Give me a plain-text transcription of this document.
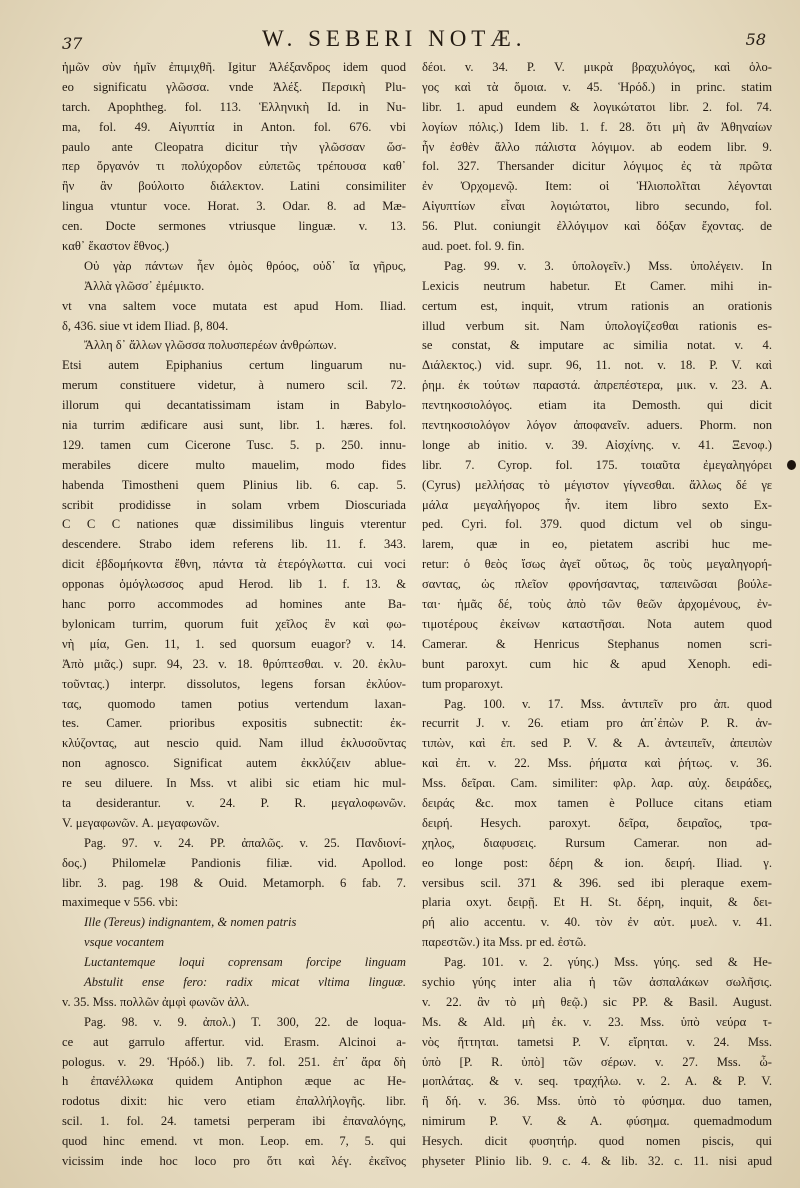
37	W. SEBERI NOTÆ.	58
ἡμῶν σὺν ἡμῖν ἐπιμιχθῆ. Igitur Ἀλέξανδρος idem quod
eo significatu γλῶσσα. vnde Ἀλέξ. Περσικὴ Plu-
tarch. Apophtheg. fol. 113. Ἑλληνικὴ Id. in Nu-
ma, fol. 49. Αἰγυπτία in Anton. fol. 676. vbi
paulo ante Cleopatra dicitur τὴν γλῶσσαν ὥσ-
περ ὄργανόν τι πολύχορδον εὐπετῶς τρέπουσα καθ᾽
ἣν ἂν βούλοιτο διάλεκτον. Latini consimiliter
lingua vtuntur voce. Horat. 3. Odar. 8. ad Mæ-
cen. Docte sermones vtriusque linguæ. v. 13.
καθ᾽ ἕκαστον ἔθνος.)
Οὐ γὰρ πάντων ἦεν ὁμὸς θρόος, οὐδ᾽ ἴα γῆρυς,
Ἀλλὰ γλῶσσ᾽ ἐμέμικτο.
vt vna saltem voce mutata est apud Hom. Iliad.
δ, 436. siue vt idem Iliad. β, 804.
Ἄλλη δ᾽ ἄλλων γλῶσσα πολυσπερέων ἀνθρώπων.
Etsi autem Epiphanius certum linguarum nu-
merum constituere videtur, à numero scil. 72.
illorum qui decantatissimam istam in Babylo-
nia turrim ædificare ausi sunt, libr. 1. hæres. fol.
129. tamen cum Cicerone Tusc. 5. p. 250. innu-
merabiles dicere multo mauelim, modo fides
habenda Timostheni quem Plinius lib. 6. cap. 5.
scribit prodidisse in solam vrbem Dioscuriada
C C C nationes quæ dissimilibus linguis vterentur
descendere. Strabo idem referens lib. 11. f. 343.
dicit ἑβδομήκοντα ἔθνη, πάντα τὰ ἑτερόγλωττα. cui voci
opponas ὁμόγλωσσος apud Herod. lib 1. f. 13. &
hanc porro accommodes ad homines ante Ba-
bylonicam turrim, quorum fuit χεῖλος ἓν καὶ φω-
νὴ μία, Gen. 11, 1. sed quorsum euagor? v. 14.
Ἀπὸ μιᾶς.) supr. 94, 23. v. 18. θρύπτεσθαι. v. 20. ἐκλυ-
τοῦντας.) interpr. dissolutos, legens forsan ἐκλύον-
τας, quomodo tamen potius vertendum laxan-
tes. Camer. prioribus expositis subnectit: ἐκ-
κλύζοντας, aut nescio quid. Nam illud ἐκλυσοῦντας
non agnosco. Significat autem ἐκκλύζειν ablue-
re seu diluere. In Mss. vt alibi sic etiam hic mul-
ta desiderantur. v. 24. P. R. μεγαλοφωνῶν.
V. μεγαφωνῶν. A. μεγαφωνῶν.
Pag. 97. v. 24. PP. ἀπαλῶς. v. 25. Πανδιονί-
δος.) Philomelæ Pandionis filiæ. vid. Apollod.
libr. 3. pag. 198 & Ouid. Metamorph. 6 fab. 7.
maximeque v 556. vbi:
Ille (Tereus) indignantem, & nomen patris
vsque vocantem
Luctantemque loqui coprensam forcipe linguam
Abstulit ense fero: radix micat vltima linguæ.
v. 35. Mss. πολλῶν ἀμφὶ φωνῶν ἀλλ.
Pag. 98. v. 9. ἀπολ.) T. 300, 22. de loqua-
ce aut garrulo affertur. vid. Erasm. Alcinoi a-
pologus. v. 29. Ἡρόδ.) lib. 7. fol. 251. ἐπ᾽ ἄρα δὴ
h ἐπανέλλωκα quidem Antiphon æque ac He-
rodotus dixit: hic vero etiam ἐπαλλήλογῆς. libr.
scil. 1. fol. 24. tametsi perperam ibi ἐπαναλόγης,
quod hinc emend. vt mon. Leop. em. 7, 5. qui
vicissim inde hoc loco pro ὅτι καὶ λέγ. ἐκεῖνος
δέοι. v. 34. P. V. μικρὰ βραχυλόγος, καὶ ὁλο-
γος καὶ τὰ ὅμοια. v. 45. Ἡρόδ.) in princ. statim
libr. 1. apud eundem & λογικώτατοι libr. 2. fol. 74.
λογίων πόλις.) Idem lib. 1. f. 28. ὅτι μὴ ἂν Ἀθηναίων
ἦν ἐσθὲν ἄλλο πάλιστα λόγιμον. ab eodem libr. 9.
fol. 327. Thersander dicitur λόγιμος ἐς τὰ πρῶτα
ἐν Ὀρχομενῷ. Item: οἱ Ἡλιοπολῖται λέγονται
Αἰγυπτίων εἶναι λογιώτατοι, libro secundo, fol.
56. Plut. coniungit ἐλλόγιμον καὶ δόξαν ἔχοντας. de
aud. poet. fol. 9. fin.
Pag. 99. v. 3. ὑπολογεῖν.) Mss. ὑπολέγειν. In
Lexicis neutrum habetur. Et Camer. mihi in-
certum est, inquit, vtrum rationis an orationis
illud verbum sit. Nam ὑπολογίζεσθαι rationis es-
se constat, & imputare ac similia notat. v. 4.
Διάλεκτος.) vid. supr. 96, 11. not. v. 18. P. V. καὶ
ῥημ. ἐκ τούτων παραστά. ἀπρεπέστερα, μικ. v. 23. A.
πεντηκοσιολόγος. etiam ita Demosth. qui dicit
πεντηκοσιολόγον λόγον ἀποφανεῖν. aduers. Phorm. non
longe ab initio. v. 39. Αἰσχίνης. v. 41. Ξενοφ.)
libr. 7. Cyrop. fol. 175. τοιαῦτα ἐμεγαληγόρει
(Cyrus) μελλήσας τὸ μέγιστον γίγνεσθαι. ἄλλως δέ γε
μάλα μεγαλήγορος ἦν. item libro sexto Ex-
ped. Cyri. fol. 379. quod dictum vel ob singu-
larem, quæ in eo, pietatem ascribi huc me-
retur: ὁ θεὸς ἴσως ἀγεῖ οὕτως, ὃς τοὺς μεγαληγορή-
σαντας, ὡς πλεῖον φρονήσαντας, ταπεινῶσαι βούλε-
ται· ἡμᾶς δέ, τοὺς ἀπὸ τῶν θεῶν ἀρχομένους, ἐν-
τιμοτέρους ἐκείνων καταστῆσαι. Nota autem quod
Camerar. & Henricus Stephanus nomen scri-
bunt paroxyt. cum hic & apud Xenoph. edi-
tum proparoxyt.
Pag. 100. v. 17. Mss. ἀντιπεῖν pro ἀπ. quod
recurrit J. v. 26. etiam pro ἀπ᾽ἐπὼν P. R. ἀν-
τιπὼν, καὶ ἐπ. sed P. V. & A. ἀντειπεῖν, ἀπειπὼν
καὶ ἐπ. v. 22. Mss. ῥήματα καὶ ῥήτως. v. 36.
Mss. δεῖραι. Cam. similiter: φλρ. λαρ. αὐχ. δειράδες,
δειράς &c. mox tamen è Polluce citans etiam
δειρή. Hesych. paroxyt. δεῖρα, δειραῖος, τρα-
χηλος, διαφυσεις. Rursum Camerar. non ad-
eo longe post: δέρη & ion. δειρή. Iliad. γ.
versibus scil. 371 & 396. sed ibi pleraque exem-
plaria oxyt. δειρῇ. Et H. St. δέρη, inquit, & δει-
ρή alio accentu. v. 40. τὸν ἐν αὐτ. μυελ. v. 41.
παρεστῶν.) ita Mss. pr ed. ἐστῶ.
Pag. 101. v. 2. γύης.) Mss. γύης. sed & He-
sychio γύης inter alia ἡ τῶν ἀσπαλάκων σωλῆσις.
v. 22. ἂν τὸ μὴ θεῷ.) sic PP. & Basil. August.
Ms. & Ald. μὴ ἐκ. v. 23. Mss. ὑπὸ νεύρα τ-
νὸς ἥττηται. tametsi P. V. εἴρηται. v. 24. Mss.
ὑπὸ [P. R. ὑπὸ] τῶν σέρων. v. 27. Mss. ὦ-
μοπλάτας. & v. seq. τραχήλω. v. 2. A. & P. V.
ἢ δή. v. 36. Mss. ὑπὸ τὸ φύσημα. duo tamen,
nimirum P. V. & A. φύσημα. quemadmodum
Hesych. dicit φυσητήρ. quod nomen piscis, qui
physeter Plinio lib. 9. c. 4. & lib. 32. c. 11. nisi apud
